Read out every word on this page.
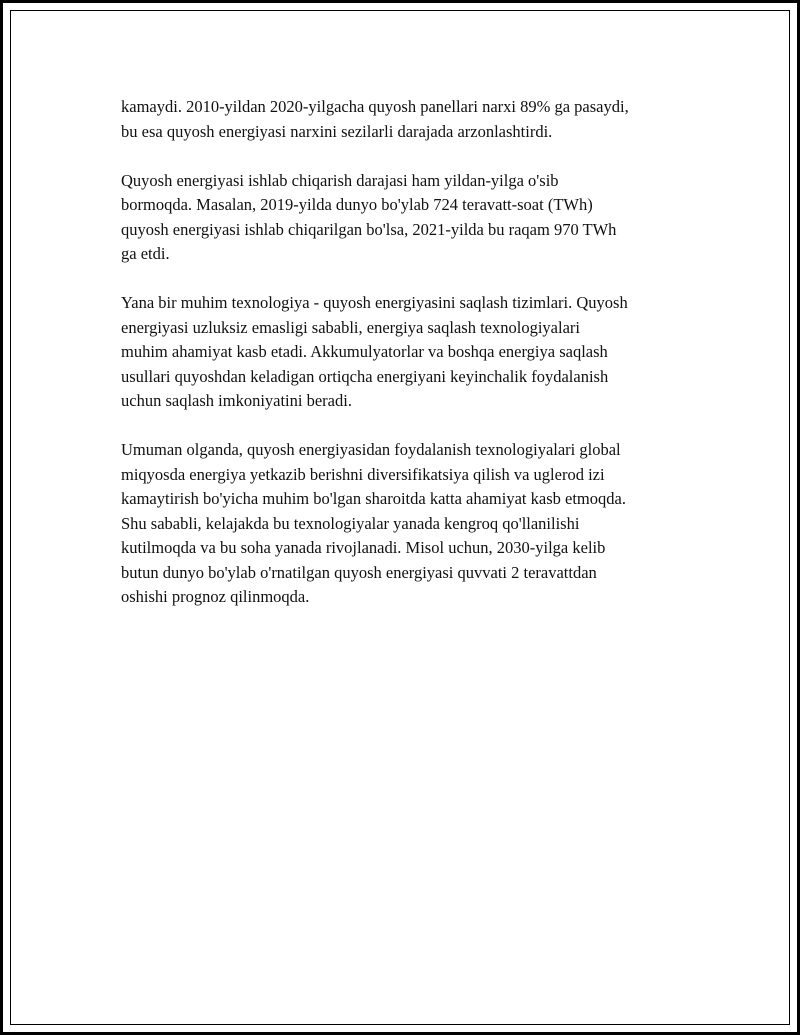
kamaydi. 2010-yildan 2020-yilgacha quyosh panellari narxi 89% ga pasaydi,
bu esa quyosh energiyasi narxini sezilarli darajada arzonlashtirdi.

Quyosh energiyasi ishlab chiqarish darajasi ham yildan-yilga o'sib
bormoqda. Masalan, 2019-yilda dunyo bo'ylab 724 teravatt-soat (TWh)
quyosh energiyasi ishlab chiqarilgan bo'lsa, 2021-yilda bu raqam 970 TWh
ga etdi.

Yana bir muhim texnologiya - quyosh energiyasini saqlash tizimlari. Quyosh
energiyasi uzluksiz emasligi sababli, energiya saqlash texnologiyalari
muhim ahamiyat kasb etadi. Akkumulyatorlar va boshqa energiya saqlash
usullari quyoshdan keladigan ortiqcha energiyani keyinchalik foydalanish
uchun saqlash imkoniyatini beradi.

Umuman olganda, quyosh energiyasidan foydalanish texnologiyalari global
miqyosda energiya yetkazib berishni diversifikatsiya qilish va uglerod izi
kamaytirish bo'yicha muhim bo'lgan sharoitda katta ahamiyat kasb etmoqda.
Shu sababli, kelajakda bu texnologiyalar yanada kengroq qo'llanilishi
kutilmoqda va bu soha yanada rivojlanadi. Misol uchun, 2030-yilga kelib
butun dunyo bo'ylab o'rnatilgan quyosh energiyasi quvvati 2 teravattdan
oshishi prognoz qilinmoqda.
